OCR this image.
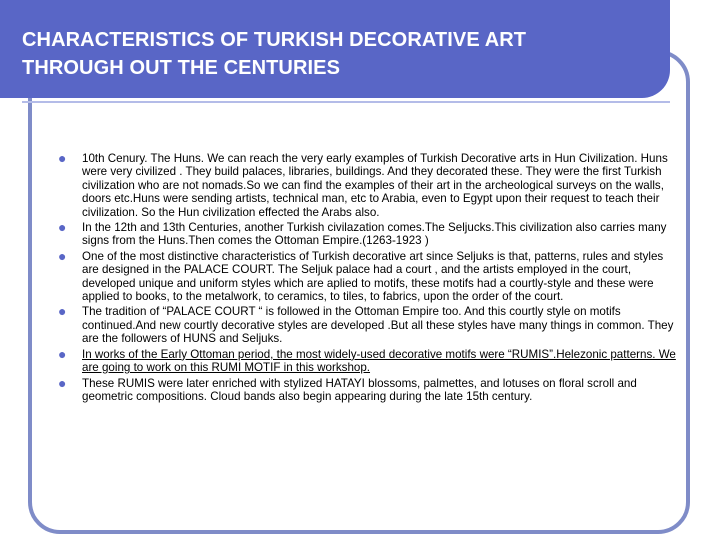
CHARACTERISTICS OF TURKISH DECORATIVE ART
THROUGH OUT THE CENTURIES
● 10th Cenury. The Huns. We can reach the very early examples of Turkish Decorative arts in Hun Civilization. Huns were very civilized . They build palaces, libraries, buildings. And they decorated these. They were the first Turkish civilization who are not nomads.So we can find the examples of their art in the archeological surveys on the walls, doors etc.Huns were sending artists, technical man, etc to Arabia, even to Egypt upon their request to teach their civilization. So the Hun civilization effected the Arabs also.
● In the 12th and 13th Centuries, another Turkish civilazation comes.The Seljucks.This civilization also carries many signs from the Huns.Then comes the Ottoman Empire.(1263-1923 )
● One of the most distinctive characteristics of Turkish decorative art since Seljuks is that, patterns, rules and styles are designed in the PALACE COURT. The Seljuk palace had a court , and the artists employed in the court, developed unique and uniform styles which are aplied to motifs, these motifs had a courtly-style and these were applied to books, to the metalwork, to ceramics, to tiles, to fabrics, upon the order of the court.
● The tradition of “PALACE COURT “ is followed in the Ottoman Empire too. And this courtly style on motifs continued.And new courtly decorative styles are developed .But all these styles have many things in common. They are the followers of HUNS and Seljuks.
● In works of the Early Ottoman period, the most widely-used decorative motifs were “RUMIS”.Helezonic patterns. We are going to work on this RUMI MOTIF in this workshop.
● These RUMIS were later enriched with stylized HATAYI blossoms, palmettes, and lotuses on floral scroll and geometric compositions. Cloud bands also begin appearing during the late 15th century.
